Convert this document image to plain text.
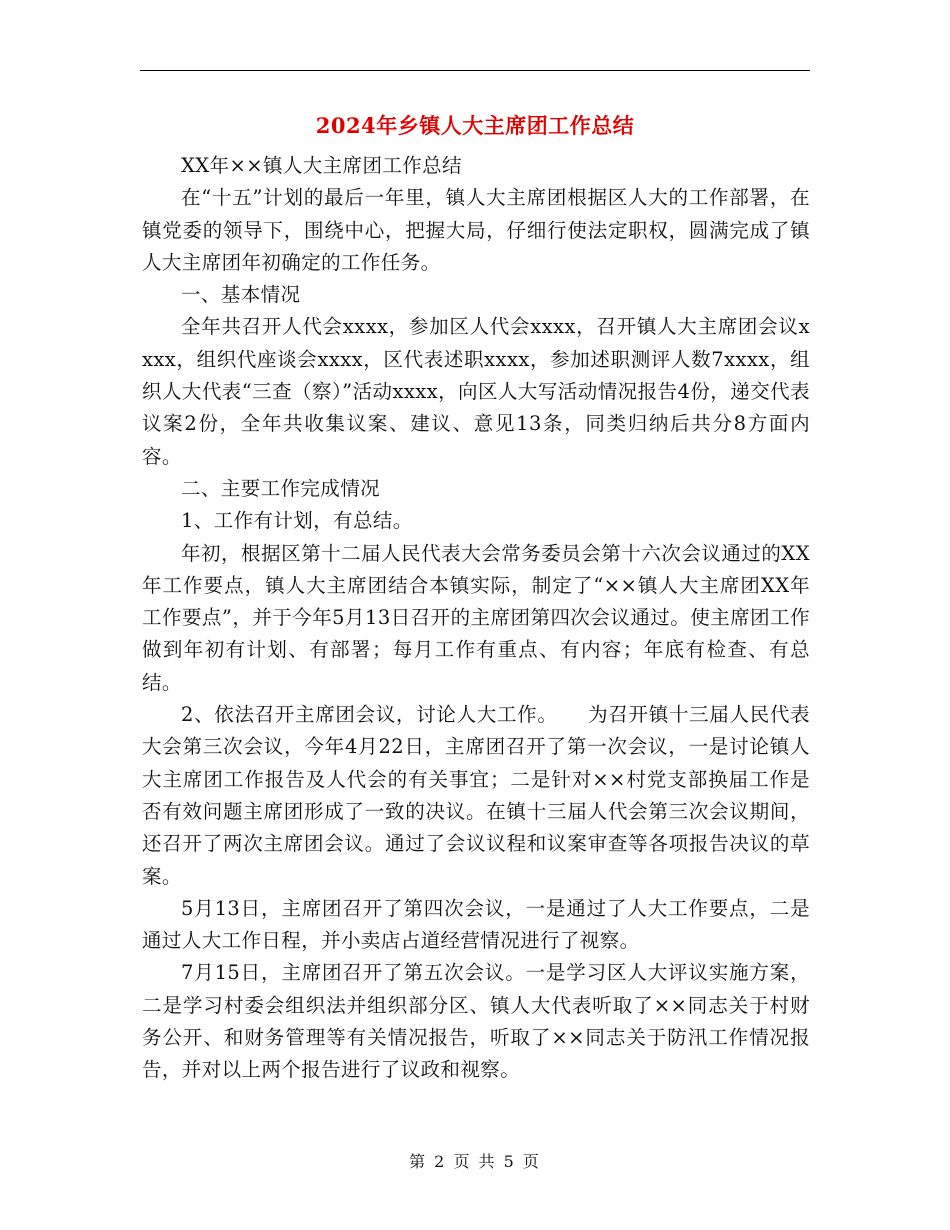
2024年乡镇人大主席团工作总结

XX年××镇人大主席团工作总结

在“十五”计划的最后一年里，镇人大主席团根据区人大的工作部署，在镇党委的领导下，围绕中心，把握大局，仔细行使法定职权，圆满完成了镇人大主席团年初确定的工作任务。

一、基本情况

全年共召开人代会xxxx，参加区人代会xxxx，召开镇人大主席团会议xxxx，组织代座谈会xxxx，区代表述职xxxx，参加述职测评人数7xxxx，组织人大代表“三查（察）”活动xxxx，向区人大写活动情况报告4份，递交代表议案2份，全年共收集议案、建议、意见13条，同类归纳后共分8方面内容。

二、主要工作完成情况

1、工作有计划，有总结。

年初，根据区第十二届人民代表大会常务委员会第十六次会议通过的XX年工作要点，镇人大主席团结合本镇实际，制定了“××镇人大主席团XX年工作要点”，并于今年5月13日召开的主席团第四次会议通过。使主席团工作做到年初有计划、有部署；每月工作有重点、有内容；年底有检查、有总结。

2、依法召开主席团会议，讨论人大工作。　　为召开镇十三届人民代表大会第三次会议，今年4月22日，主席团召开了第一次会议，一是讨论镇人大主席团工作报告及人代会的有关事宜；二是针对××村党支部换届工作是否有效问题主席团形成了一致的决议。在镇十三届人代会第三次会议期间，还召开了两次主席团会议。通过了会议议程和议案审查等各项报告决议的草案。

5月13日，主席团召开了第四次会议，一是通过了人大工作要点，二是通过人大工作日程，并小卖店占道经营情况进行了视察。

7月15日，主席团召开了第五次会议。一是学习区人大评议实施方案，二是学习村委会组织法并组织部分区、镇人大代表听取了××同志关于村财务公开、和财务管理等有关情况报告，听取了××同志关于防汛工作情况报告，并对以上两个报告进行了议政和视察。

第 2 页 共 5 页
